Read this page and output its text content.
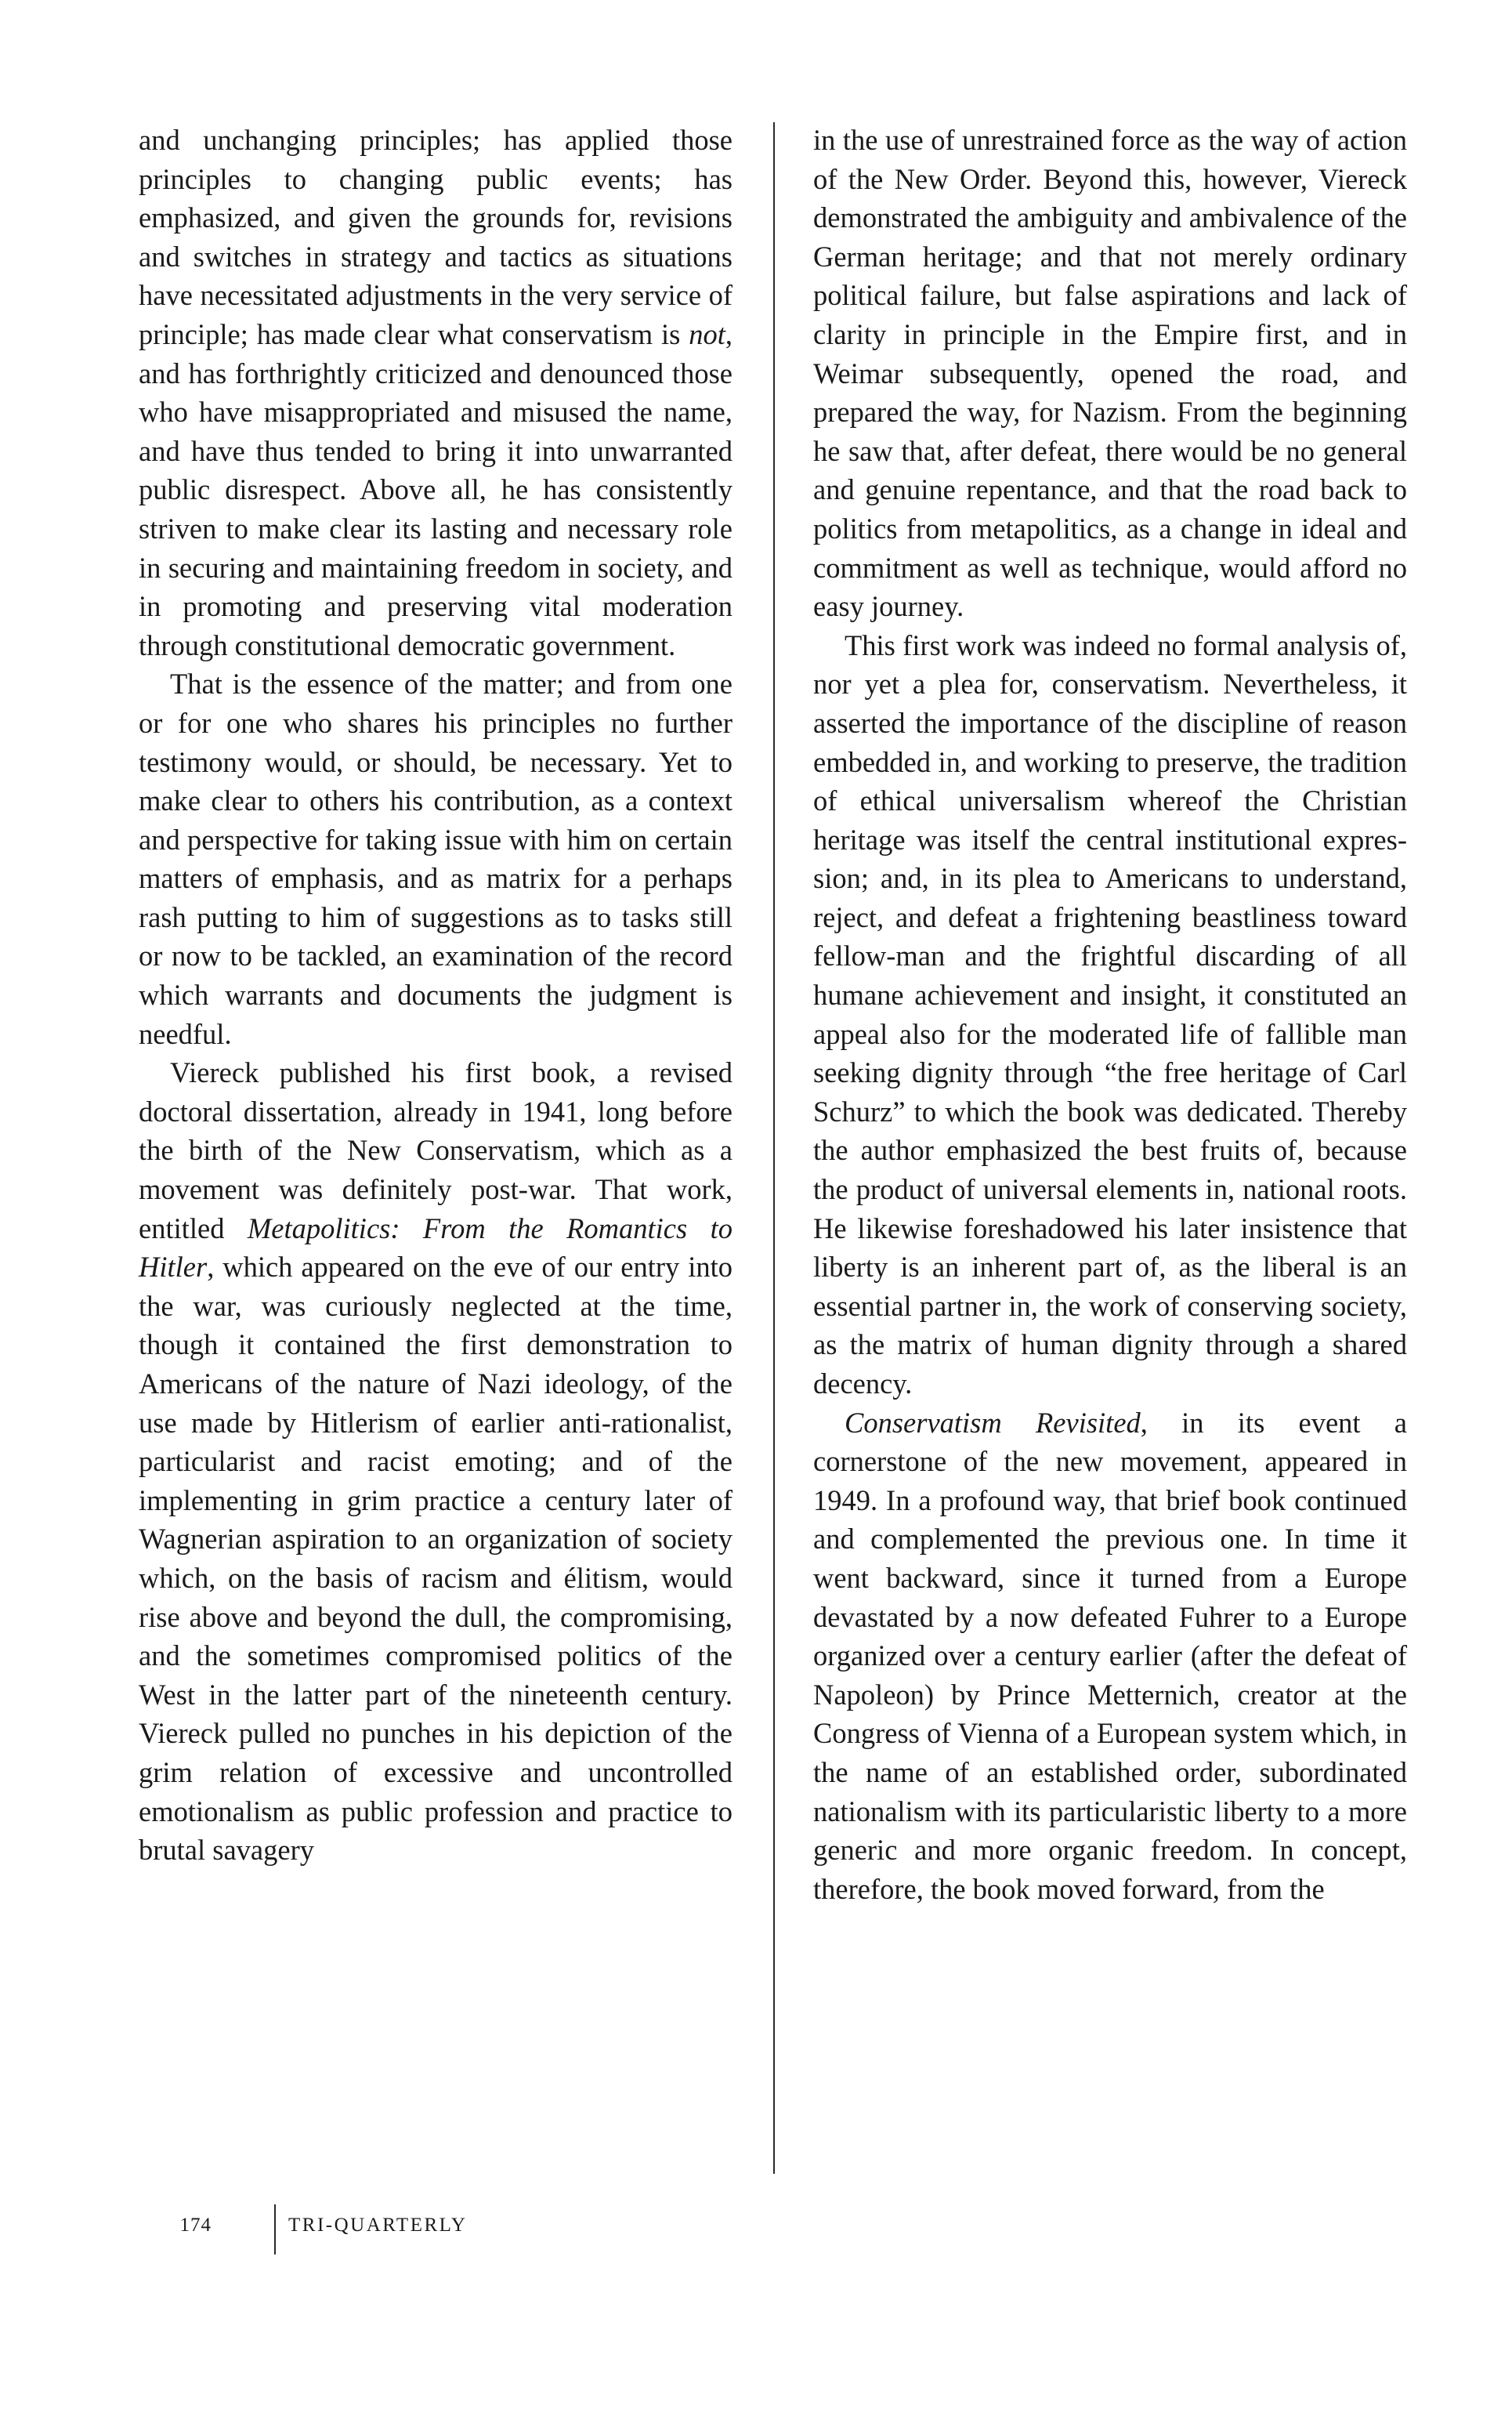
and unchanging principles; has applied those principles to changing public events; has emphasized, and given the grounds for, revisions and switches in strategy and tactics as situations have necessitated adjustments in the very service of principle; has made clear what conservatism is not, and has forthrightly criticized and denounced those who have misappropriated and misused the name, and have thus tended to bring it into unwarranted public disrespect. Above all, he has consistently striven to make clear its lasting and necessary role in securing and maintaining freedom in society, and in promoting and preserving vital moderation through constitutional democratic government.

That is the essence of the matter; and from one or for one who shares his principles no further testimony would, or should, be necessary. Yet to make clear to others his contribution, as a context and perspective for taking issue with him on certain matters of emphasis, and as matrix for a perhaps rash putting to him of suggestions as to tasks still or now to be tackled, an examination of the record which warrants and documents the judgment is needful.

Viereck published his first book, a revised doctoral dissertation, already in 1941, long before the birth of the New Conservatism, which as a movement was definitely post-war. That work, entitled Metapolitics: From the Romantics to Hitler, which appeared on the eve of our entry into the war, was curiously neglected at the time, though it contained the first demonstration to Americans of the nature of Nazi ideology, of the use made by Hitlerism of earlier anti-rationalist, particularist and racist emoting; and of the implementing in grim practice a century later of Wagnerian aspiration to an organization of society which, on the basis of racism and élitism, would rise above and beyond the dull, the compromising, and the sometimes compromised politics of the West in the latter part of the nineteenth century. Viereck pulled no punches in his depiction of the grim relation of excessive and uncontrolled emotionalism as public profession and practice to brutal savagery

in the use of unrestrained force as the way of action of the New Order. Beyond this, however, Viereck demonstrated the ambiguity and ambivalence of the German heritage; and that not merely ordinary political failure, but false aspirations and lack of clarity in principle in the Empire first, and in Weimar subsequently, opened the road, and prepared the way, for Nazism. From the beginning he saw that, after defeat, there would be no general and genuine repentance, and that the road back to politics from metapolitics, as a change in ideal and commitment as well as technique, would afford no easy journey.

This first work was indeed no formal analysis of, nor yet a plea for, conservatism. Nevertheless, it asserted the importance of the discipline of reason embedded in, and working to preserve, the tradition of ethical universalism whereof the Christian heritage was itself the central institutional expression; and, in its plea to Americans to understand, reject, and defeat a frightening beastliness toward fellow-man and the frightful discarding of all humane achievement and insight, it constituted an appeal also for the moderated life of fallible man seeking dignity through “the free heritage of Carl Schurz” to which the book was dedicated. Thereby the author emphasized the best fruits of, because the product of universal elements in, national roots. He likewise foreshadowed his later insistence that liberty is an inherent part of, as the liberal is an essential partner in, the work of conserving society, as the matrix of human dignity through a shared decency.

Conservatism Revisited, in its event a cornerstone of the new movement, appeared in 1949. In a profound way, that brief book continued and complemented the previous one. In time it went backward, since it turned from a Europe devastated by a now defeated Fuhrer to a Europe organized over a century earlier (after the defeat of Napoleon) by Prince Metternich, creator at the Congress of Vienna of a European system which, in the name of an established order, subordinated nationalism with its particularistic liberty to a more generic and more organic freedom. In concept, therefore, the book moved forward, from the

174	TRI-QUARTERLY
